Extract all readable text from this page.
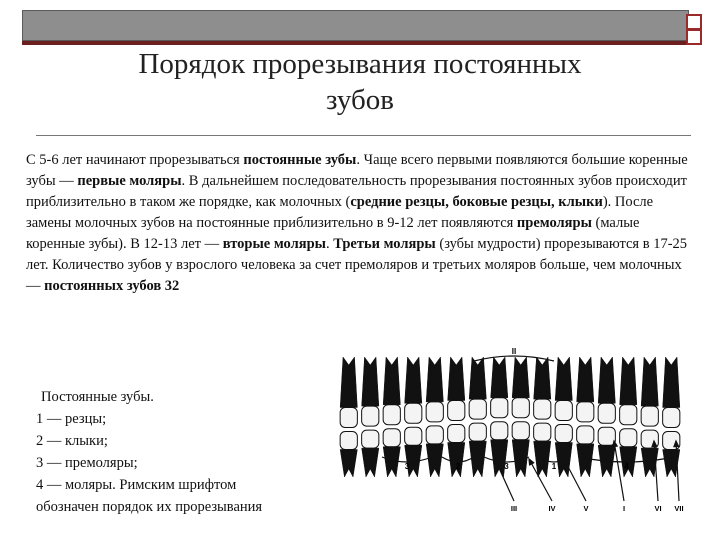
Порядок прорезывания постоянных
зубов
С 5-6 лет начинают прорезываться постоянные зубы. Чаще всего первыми появляются большие коренные зубы — первые моляры. В дальнейшем последовательность прорезывания постоянных зубов происходит приблизительно в таком же порядке, как молочных (средние резцы, боковые резцы, клыки). После замены молочных зубов на постоянные приблизительно в 9-12 лет появляются премоляры (малые коренные зубы). В 12-13 лет — вторые моляры. Третьи моляры (зубы мудрости) прорезываются в 17-25 лет. Количество зубов у взрослого человека за счет премоляров и третьих моляров больше, чем молочных — постоянных зубов 32
Постоянные зубы.
1 — резцы;
2 — клыки;
3 — премоляры;
4 — моляры. Римским шрифтом
обозначен порядок их прорезывания
II
3	2	3	1	4
III	IV	V	I	VI VII
